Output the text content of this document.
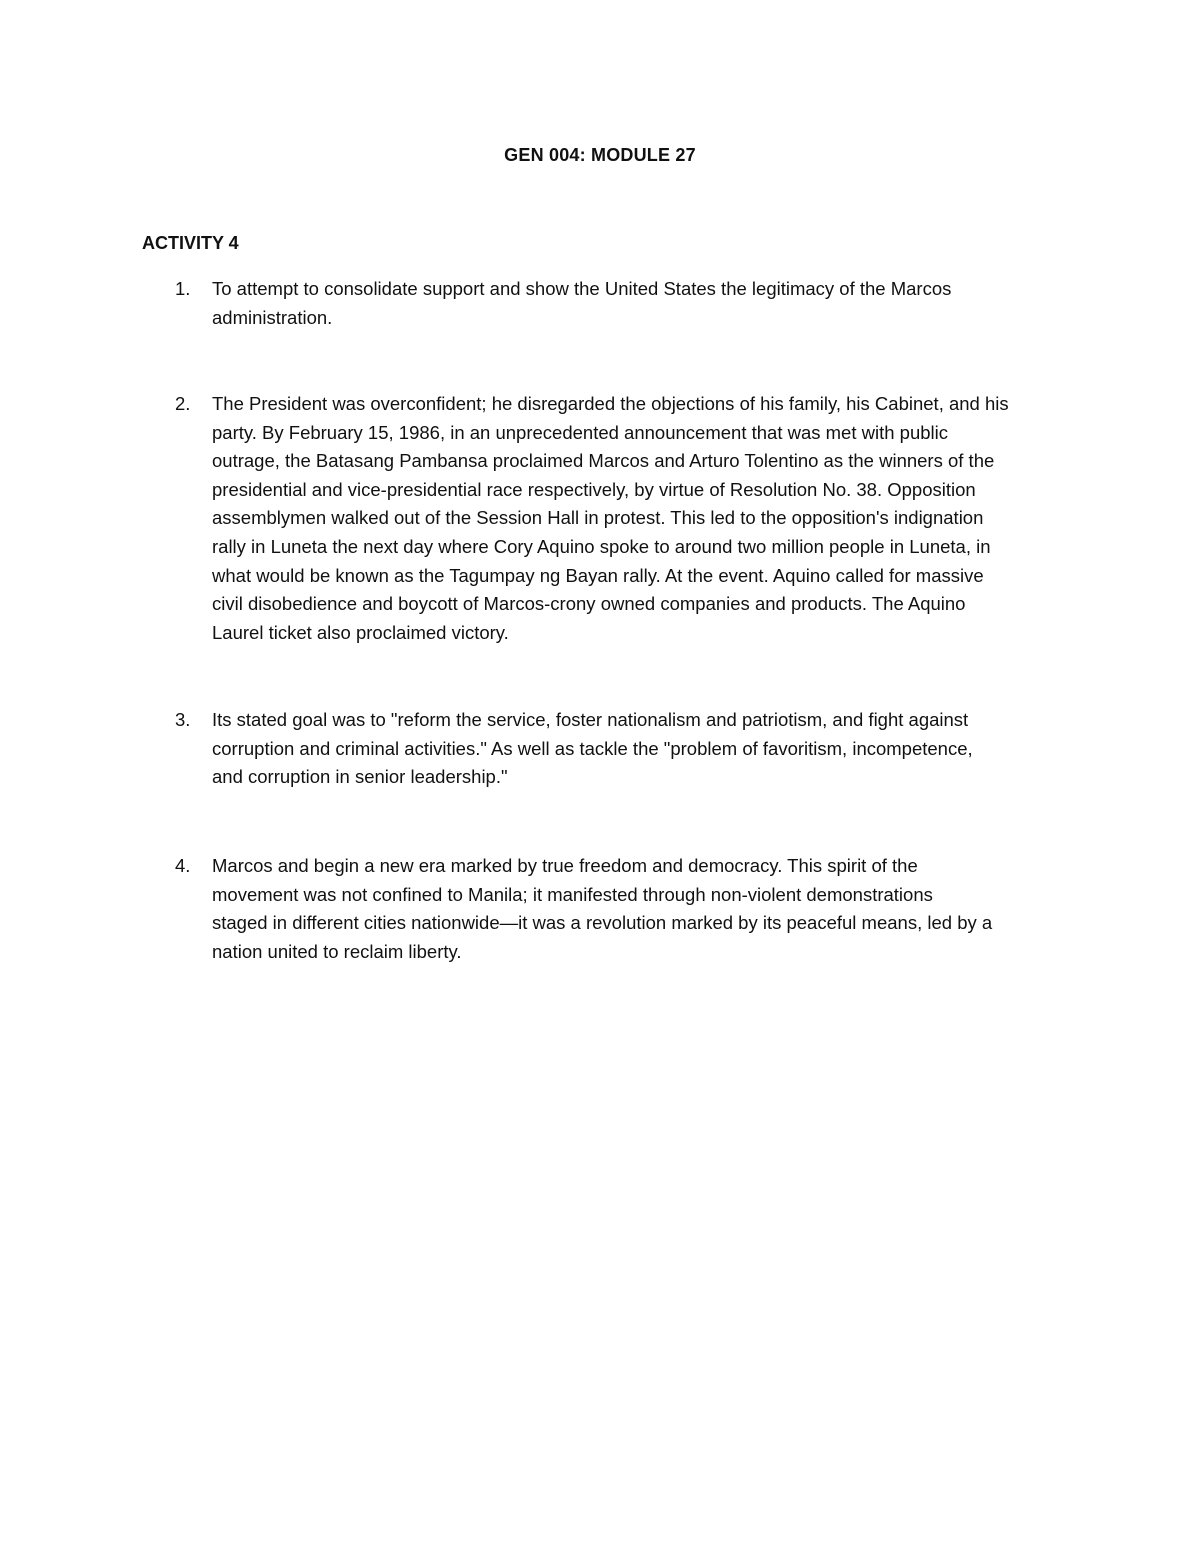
GEN 004: MODULE 27
ACTIVITY 4
1. To attempt to consolidate support and show the United States the legitimacy of the Marcos
administration.
2. The President was overconfident; he disregarded the objections of his family, his Cabinet, and his
party. By February 15, 1986, in an unprecedented announcement that was met with public
outrage, the Batasang Pambansa proclaimed Marcos and Arturo Tolentino as the winners of the
presidential and vice-presidential race respectively, by virtue of Resolution No. 38. Opposition
assemblymen walked out of the Session Hall in protest. This led to the opposition's indignation
rally in Luneta the next day where Cory Aquino spoke to around two million people in Luneta, in
what would be known as the Tagumpay ng Bayan rally. At the event. Aquino called for massive
civil disobedience and boycott of Marcos-crony owned companies and products. The Aquino
Laurel ticket also proclaimed victory.
3. Its stated goal was to "reform the service, foster nationalism and patriotism, and fight against
corruption and criminal activities." As well as tackle the "problem of favoritism, incompetence,
and corruption in senior leadership."
4. Marcos and begin a new era marked by true freedom and democracy. This spirit of the
movement was not confined to Manila; it manifested through non-violent demonstrations
staged in different cities nationwide—it was a revolution marked by its peaceful means, led by a
nation united to reclaim liberty.
